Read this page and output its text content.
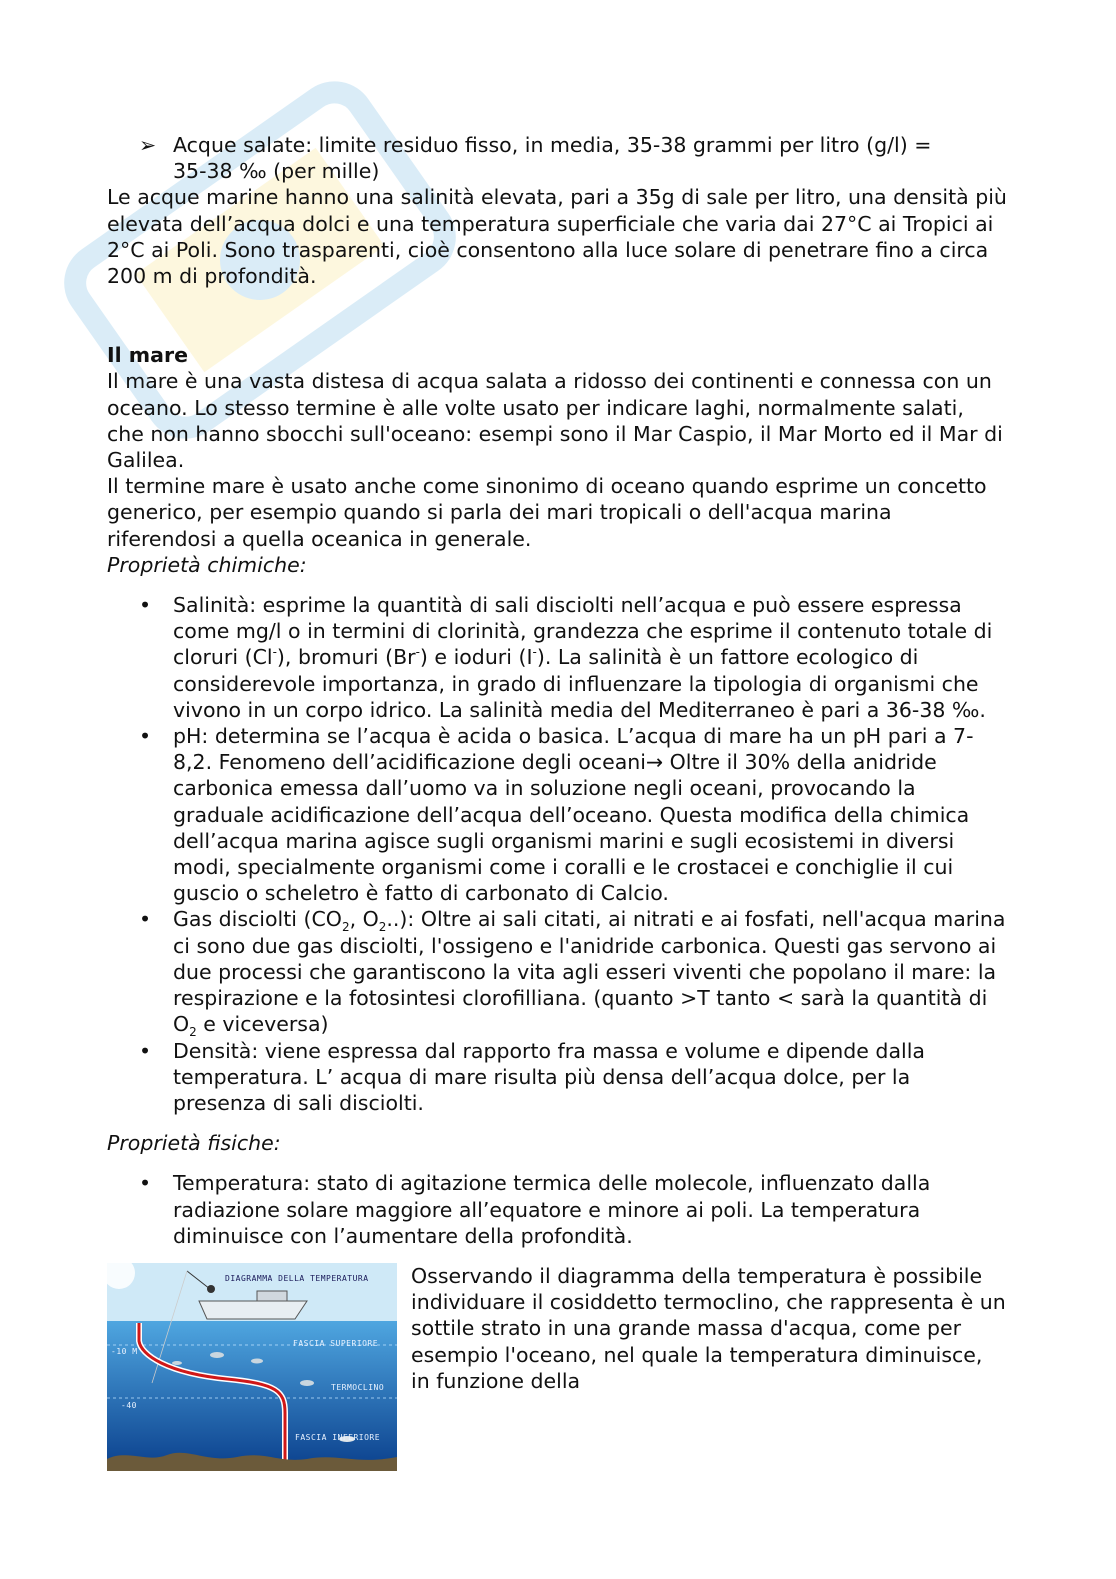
➢ Acque salate: limite residuo fisso, in media, 35-38 grammi per litro (g/l) =

35-38 ‰ (per mille)

Le acque marine hanno una salinità elevata, pari a 35g di sale per litro, una densità più elevata dell’acqua dolci e una temperatura superficiale che varia dai 27°C ai Tropici ai 2°C ai Poli. Sono trasparenti, cioè consentono alla luce solare di penetrare fino a circa 200 m di profondità.

Il mare

Il mare è una vasta distesa di acqua salata a ridosso dei continenti e connessa con un oceano. Lo stesso termine è alle volte usato per indicare laghi, normalmente salati, che non hanno sbocchi sull'oceano: esempi sono il Mar Caspio, il Mar Morto ed il Mar di Galilea.

Il termine mare è usato anche come sinonimo di oceano quando esprime un concetto generico, per esempio quando si parla dei mari tropicali o dell'acqua marina riferendosi a quella oceanica in generale.

Proprietà chimiche:

•	Salinità: esprime la quantità di sali disciolti nell’acqua e può essere espressa come mg/l o in termini di clorinità, grandezza che esprime il contenuto totale di cloruri (Cl-), bromuri (Br-) e ioduri (I-). La salinità è un fattore ecologico di considerevole importanza, in grado di influenzare la tipologia di organismi che vivono in un corpo idrico. La salinità media del Mediterraneo è pari a 36-38 ‰.
•	pH: determina se l’acqua è acida o basica. L’acqua di mare ha un pH pari a 7-8,2. Fenomeno dell’acidificazione degli oceani→ Oltre il 30% della anidride carbonica emessa dall’uomo va in soluzione negli oceani, provocando la graduale acidificazione dell’acqua dell’oceano. Questa modifica della chimica dell’acqua marina agisce sugli organismi marini e sugli ecosistemi in diversi modi, specialmente organismi come i coralli e le crostacei e conchiglie il cui guscio o scheletro è fatto di carbonato di Calcio.
•	Gas disciolti ($CO_2$, $O_2$..): Oltre ai sali citati, ai nitrati e ai fosfati, nell'acqua marina ci sono due gas disciolti, l'ossigeno e l'anidride carbonica. Questi gas servono ai due processi che garantiscono la vita agli esseri viventi che popolano il mare: la respirazione e la fotosintesi clorofilliana. (quanto >T tanto < sarà la quantità di $O_2$ e viceversa)
•	Densità: viene espressa dal rapporto fra massa e volume e dipende dalla temperatura. L’ acqua di mare risulta più densa dell’acqua dolce, per la presenza di sali disciolti.

Proprietà fisiche:

•	Temperatura: stato di agitazione termica delle molecole, influenzato dalla radiazione solare maggiore all’equatore e minore ai poli. La temperatura diminuisce con l’aumentare della profondità.
DIAGRAMMA DELLA TEMPERATURA
FASCIA SUPERIORE
TERMOCLINO
FASCIA INFERIORE
-10 M
-40

Osservando il diagramma della temperatura è possibile individuare il cosiddetto termoclino, che rappresenta è un sottile strato in una grande massa d'acqua, come per esempio l'oceano, nel quale la temperatura diminuisce, in funzione della
